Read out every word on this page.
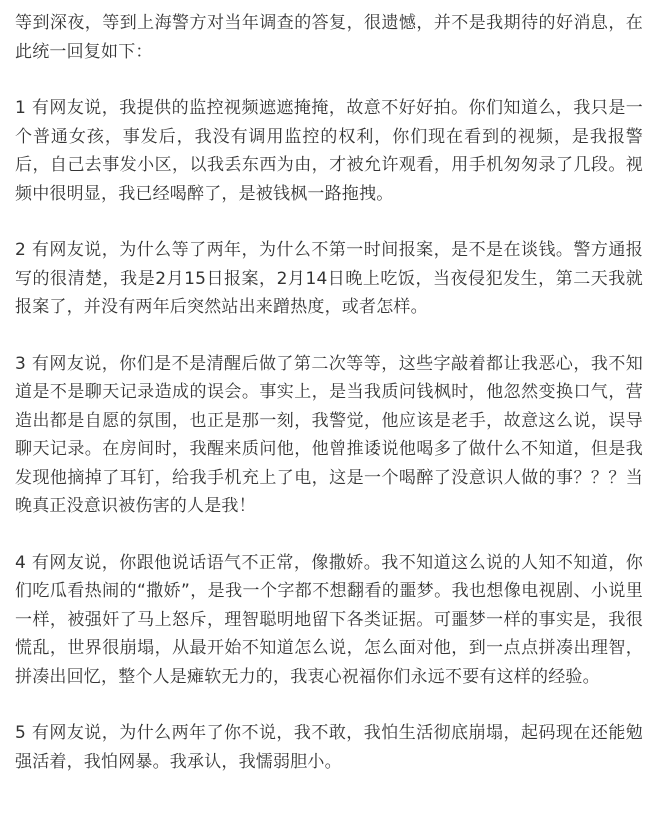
等到深夜，等到上海警方对当年调查的答复，很遗憾，并不是我期待的好消息，在此统一回复如下：

1 有网友说，我提供的监控视频遮遮掩掩，故意不好好拍。你们知道么，我只是一个普通女孩，事发后，我没有调用监控的权利，你们现在看到的视频，是我报警后，自己去事发小区，以我丢东西为由，才被允许观看，用手机匆匆录了几段。视频中很明显，我已经喝醉了，是被钱枫一路拖拽。

2 有网友说，为什么等了两年，为什么不第一时间报案，是不是在谈钱。警方通报写的很清楚，我是2月15日报案，2月14日晚上吃饭，当夜侵犯发生，第二天我就报案了，并没有两年后突然站出来蹭热度，或者怎样。

3 有网友说，你们是不是清醒后做了第二次等等，这些字敲着都让我恶心，我不知道是不是聊天记录造成的误会。事实上，是当我质问钱枫时，他忽然变换口气，营造出都是自愿的氛围，也正是那一刻，我警觉，他应该是老手，故意这么说，误导聊天记录。在房间时，我醒来质问他，他曾推诿说他喝多了做什么不知道，但是我发现他摘掉了耳钉，给我手机充上了电，这是一个喝醉了没意识人做的事？？？当晚真正没意识被伤害的人是我！

4 有网友说，你跟他说话语气不正常，像撒娇。我不知道这么说的人知不知道，你们吃瓜看热闹的“撒娇”，是我一个字都不想翻看的噩梦。我也想像电视剧、小说里一样，被强奸了马上怒斥，理智聪明地留下各类证据。可噩梦一样的事实是，我很慌乱，世界很崩塌，从最开始不知道怎么说，怎么面对他，到一点点拼凑出理智，拼凑出回忆，整个人是瘫软无力的，我衷心祝福你们永远不要有这样的经验。

5 有网友说，为什么两年了你不说，我不敢，我怕生活彻底崩塌，起码现在还能勉强活着，我怕网暴。我承认，我懦弱胆小。
